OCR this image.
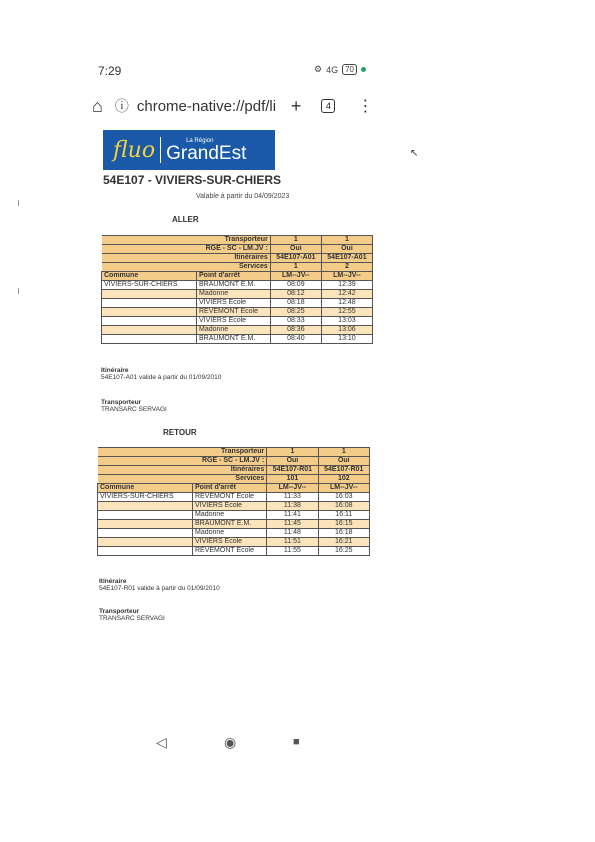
7:29	⚙ 4G 70
⌂ ⓘ chrome-native://pdf/li +	4 ⋮
fluo	La Région
GrandEst	↖
54E107 - VIVIERS-SUR-CHIERS
Valable à partir du 04/09/2023
ALLER
Transporteur		1	1
RGE - SC - LM.JV :		Oui	Oui
Itinéraires		54E107-A01	54E107-A01
Services		1	2
Commune	Point d'arrêt	LM--JV--	LM--JV--
VIVIERS-SUR-CHIERS	BRAUMONT E.M.	08:09	12:39
	Madonne	08:12	12:42
	VIVIERS Ecole	08:18	12:48
	REVEMONT Ecole	08:25	12:55
	VIVIERS Ecole	08:33	13:03
	Madonne	08:36	13:06
	BRAUMONT E.M.	08:40	13:10
Itinéraire
54E107-A01 valide à partir du 01/09/2010
Transporteur
TRANSARC SERVAGI
RETOUR
Transporteur		1	1
RGE - SC - LM.JV :		Oui	Oui
Itinéraires		54E107-R01	54E107-R01
Services		101	102
Commune	Point d'arrêt	LM--JV--	LM--JV--
VIVIERS-SUR-CHIERS	REVEMONT Ecole	11:33	16:03
	VIVIERS Ecole	11:38	16:08
	Madonne	11:41	16:11
	BRAUMONT E.M.	11:45	16:15
	Madonne	11:48	16:18
	VIVIERS Ecole	11:51	16:21
	REVEMONT Ecole	11:55	16:25
Itinéraire
54E107-R01 valide à partir du 01/09/2010
Transporteur
TRANSARC SERVAGI
◁	◉	■
